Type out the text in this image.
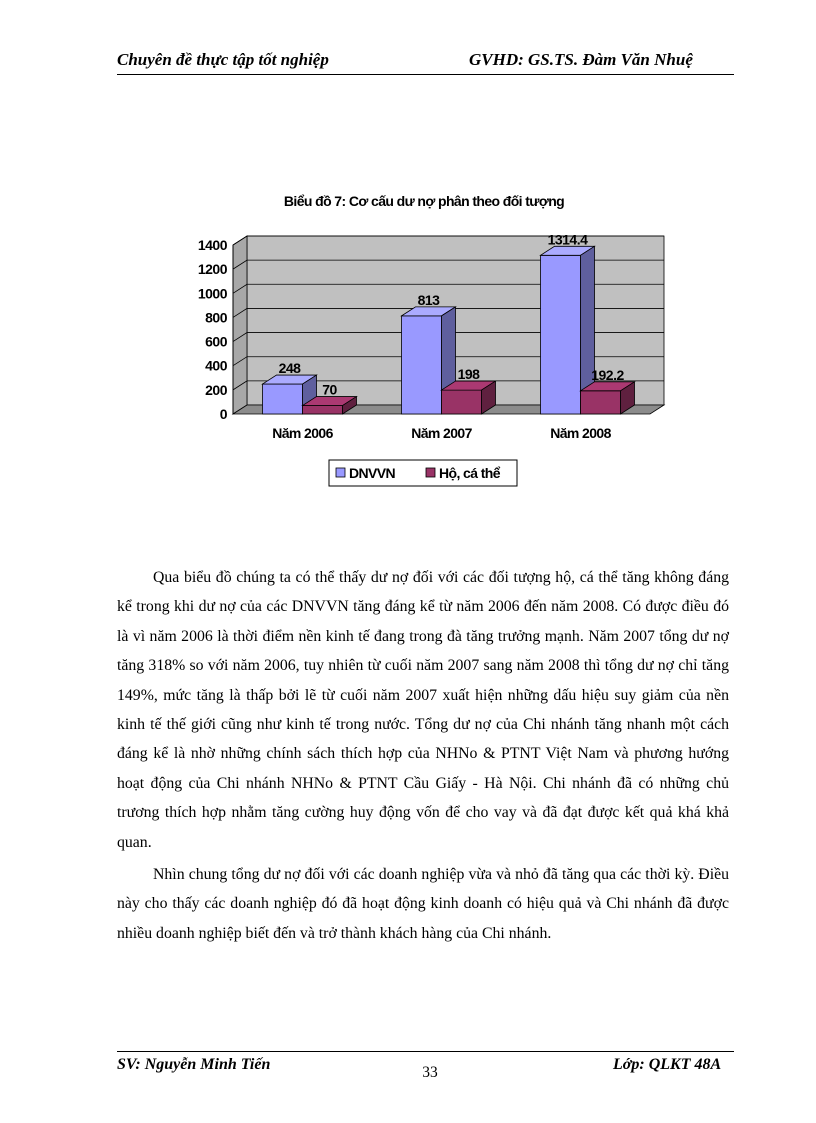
Chuyên đề thực tập tốt nghiệp	GVHD: GS.TS. Đàm Văn Nhuệ
Biểu đồ 7: Cơ cấu dư nợ phân theo đối tượng
0
200
400
600
800
1000
1200
1400
248
70
Năm 2006
813
198
Năm 2007
1314.4
192.2
Năm 2008
DNVVN	Hộ, cá thể

Qua biểu đồ chúng ta có thể thấy dư nợ đối với các đối tượng hộ, cá thể tăng không đáng kể trong khi dư nợ của các DNVVN tăng đáng kể từ năm 2006 đến năm 2008. Có được điều đó là vì năm 2006 là thời điểm nền kinh tế đang trong đà tăng trưởng mạnh. Năm 2007 tổng dư nợ tăng 318% so với năm 2006, tuy nhiên từ cuối năm 2007 sang năm 2008 thì tổng dư nợ chỉ tăng 149%, mức tăng là thấp bởi lẽ từ cuối năm 2007 xuất hiện những dấu hiệu suy giảm của nền kinh tế thế giới cũng như kinh tế trong nước. Tổng dư nợ của Chi nhánh tăng nhanh một cách đáng kể là nhờ những chính sách thích hợp của NHNo & PTNT Việt Nam và phương hướng hoạt động của Chi nhánh NHNo & PTNT Cầu Giấy - Hà Nội. Chi nhánh đã có những chủ trương thích hợp nhằm tăng cường huy động vốn để cho vay và đã đạt được kết quả khá khả quan.

Nhìn chung tổng dư nợ đối với các doanh nghiệp vừa và nhỏ đã tăng qua các thời kỳ. Điều này cho thấy các doanh nghiệp đó đã hoạt động kinh doanh có hiệu quả và Chi nhánh đã được nhiều doanh nghiệp biết đến và trở thành khách hàng của Chi nhánh.

SV: Nguyễn Minh Tiến	33	Lớp: QLKT 48A
